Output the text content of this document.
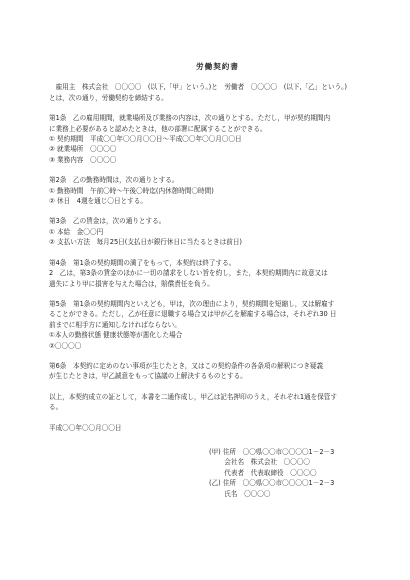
労働契約書

　雇用主　株式会社　〇〇〇〇　(以下,「甲」という。)と　労働者　〇〇〇〇　(以下,「乙」という。)

とは，次の通り，労働契約を締結する。

第1条　乙の雇用期間，就業場所及び業務の内容は，次の通りとする。ただし，甲が契約期間内

に業務上必要があると認めたときは，他の部署に配属することができる。

① 契約期間　平成〇〇年〇〇月〇〇日～平成〇〇年〇〇月〇〇日

② 就業場所　〇〇〇〇

③ 業務内容　〇〇〇〇

第2条　乙の勤務時間は，次の通りとする。

① 勤務時間　午前〇時～午後〇時迄(内休憩時間〇時間)

② 休日　4週を通じ〇日とする。

第3条　乙の賃金は，次の通りとする。

① 本給　金〇〇円

② 支払い方法　毎月25日(支払日が銀行休日に当たるときは前日)

第4条　第1条の契約期間の満了をもって，本契約は終了する。

2　乙は，第3条の賃金のほかに一切の請求をしない旨を約し，また，本契約期間内に故意又は

過失により甲に損害を与えた場合は，賠償責任を負う。

第5条　第1条の契約期間内といえども，甲は，次の理由により，契約期間を短縮し，又は解雇す

ることができる。ただし，乙が任意に退職する場合又は甲が乙を解雇する場合は，それぞれ30 日

前までに相手方に通知しなければならない。

①本人の勤務状態 健康状態等が悪化した場合

②〇〇〇〇

第6条　本契約に定めのない事項が生じたとき，又はこの契約条件の各条項の解釈につき疑義

が生じたときは，甲乙誠意をもって協議の上解決するものとする。

以上，本契約成立の証として，本書を二通作成し，甲乙は記名押印のうえ，それぞれ1通を保管す

る。

平成〇〇年〇〇月〇〇日

(甲) 住所　〇〇県〇〇市〇〇〇〇1－2－3

　　 会社名　株式会社　〇〇〇〇

　　 代表者　代表取締役　〇〇〇〇

(乙) 住所　〇〇県〇〇市〇〇〇〇1－2－3

　　 氏名　〇〇〇〇
